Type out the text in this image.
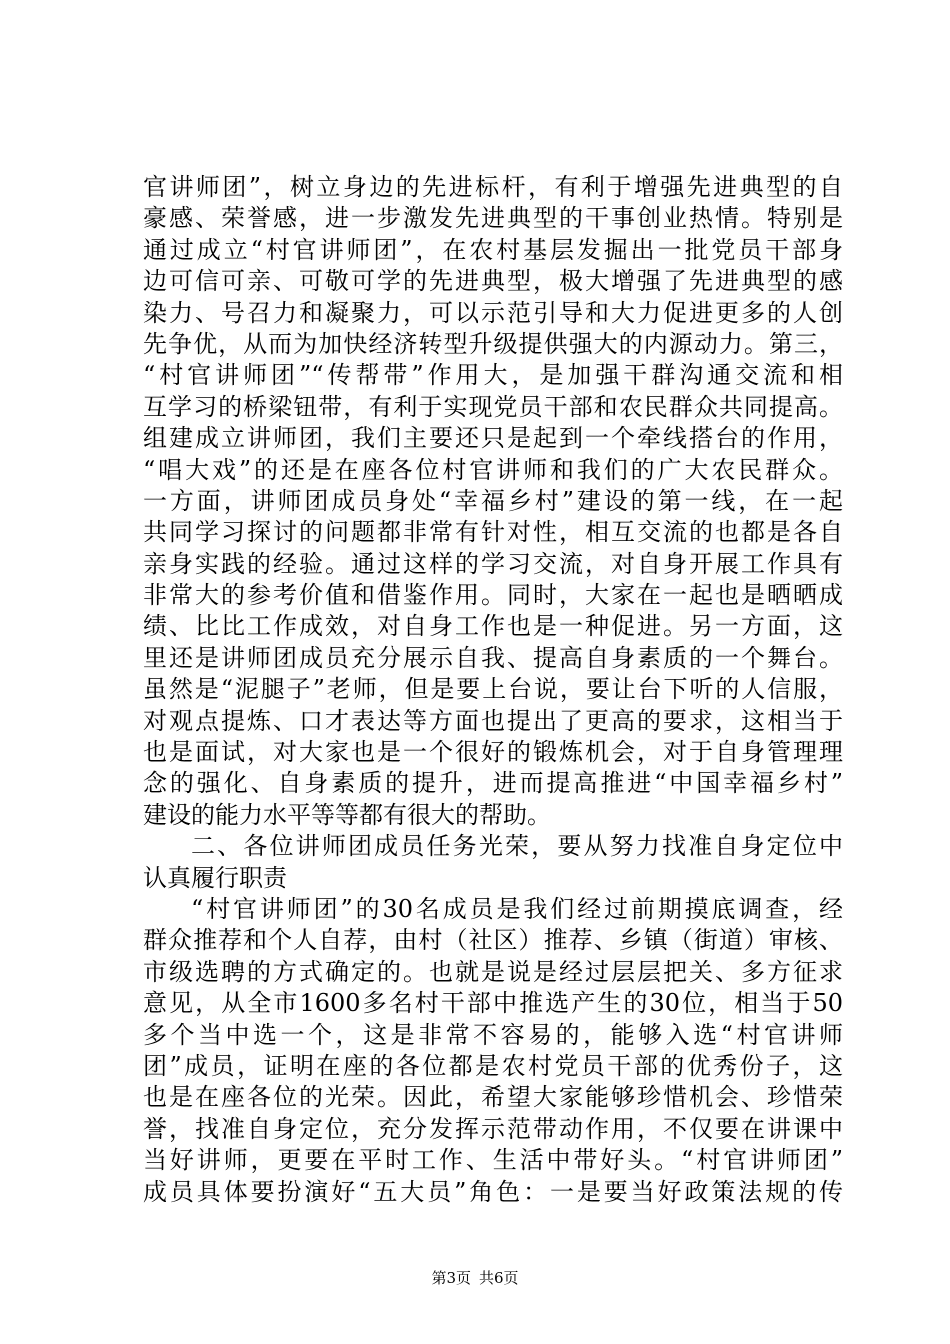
官讲师团”，树立身边的先进标杆，有利于增强先进典型的自
豪感、荣誉感，进一步激发先进典型的干事创业热情。特别是
通过成立“村官讲师团”，在农村基层发掘出一批党员干部身
边可信可亲、可敬可学的先进典型，极大增强了先进典型的感
染力、号召力和凝聚力，可以示范引导和大力促进更多的人创
先争优，从而为加快经济转型升级提供强大的内源动力。第三，
“村官讲师团”“传帮带”作用大，是加强干群沟通交流和相
互学习的桥梁钮带，有利于实现党员干部和农民群众共同提高。
组建成立讲师团，我们主要还只是起到一个牵线搭台的作用，
“唱大戏”的还是在座各位村官讲师和我们的广大农民群众。
一方面，讲师团成员身处“幸福乡村”建设的第一线，在一起
共同学习探讨的问题都非常有针对性，相互交流的也都是各自
亲身实践的经验。通过这样的学习交流，对自身开展工作具有
非常大的参考价值和借鉴作用。同时，大家在一起也是晒晒成
绩、比比工作成效，对自身工作也是一种促进。另一方面，这
里还是讲师团成员充分展示自我、提高自身素质的一个舞台。
虽然是“泥腿子”老师，但是要上台说，要让台下听的人信服，
对观点提炼、口才表达等方面也提出了更高的要求，这相当于
也是面试，对大家也是一个很好的锻炼机会，对于自身管理理
念的强化、自身素质的提升，进而提高推进“中国幸福乡村”
建设的能力水平等等都有很大的帮助。
二、各位讲师团成员任务光荣，要从努力找准自身定位中
认真履行职责
“村官讲师团”的30名成员是我们经过前期摸底调查，经
群众推荐和个人自荐，由村（社区）推荐、乡镇（街道）审核、
市级选聘的方式确定的。也就是说是经过层层把关、多方征求
意见，从全市1600多名村干部中推选产生的30位，相当于50
多个当中选一个，这是非常不容易的，能够入选“村官讲师
团”成员，证明在座的各位都是农村党员干部的优秀份子，这
也是在座各位的光荣。因此，希望大家能够珍惜机会、珍惜荣
誉，找准自身定位，充分发挥示范带动作用，不仅要在讲课中
当好讲师，更要在平时工作、生活中带好头。“村官讲师团”
成员具体要扮演好“五大员”角色：一是要当好政策法规的传
第3页 共6页
